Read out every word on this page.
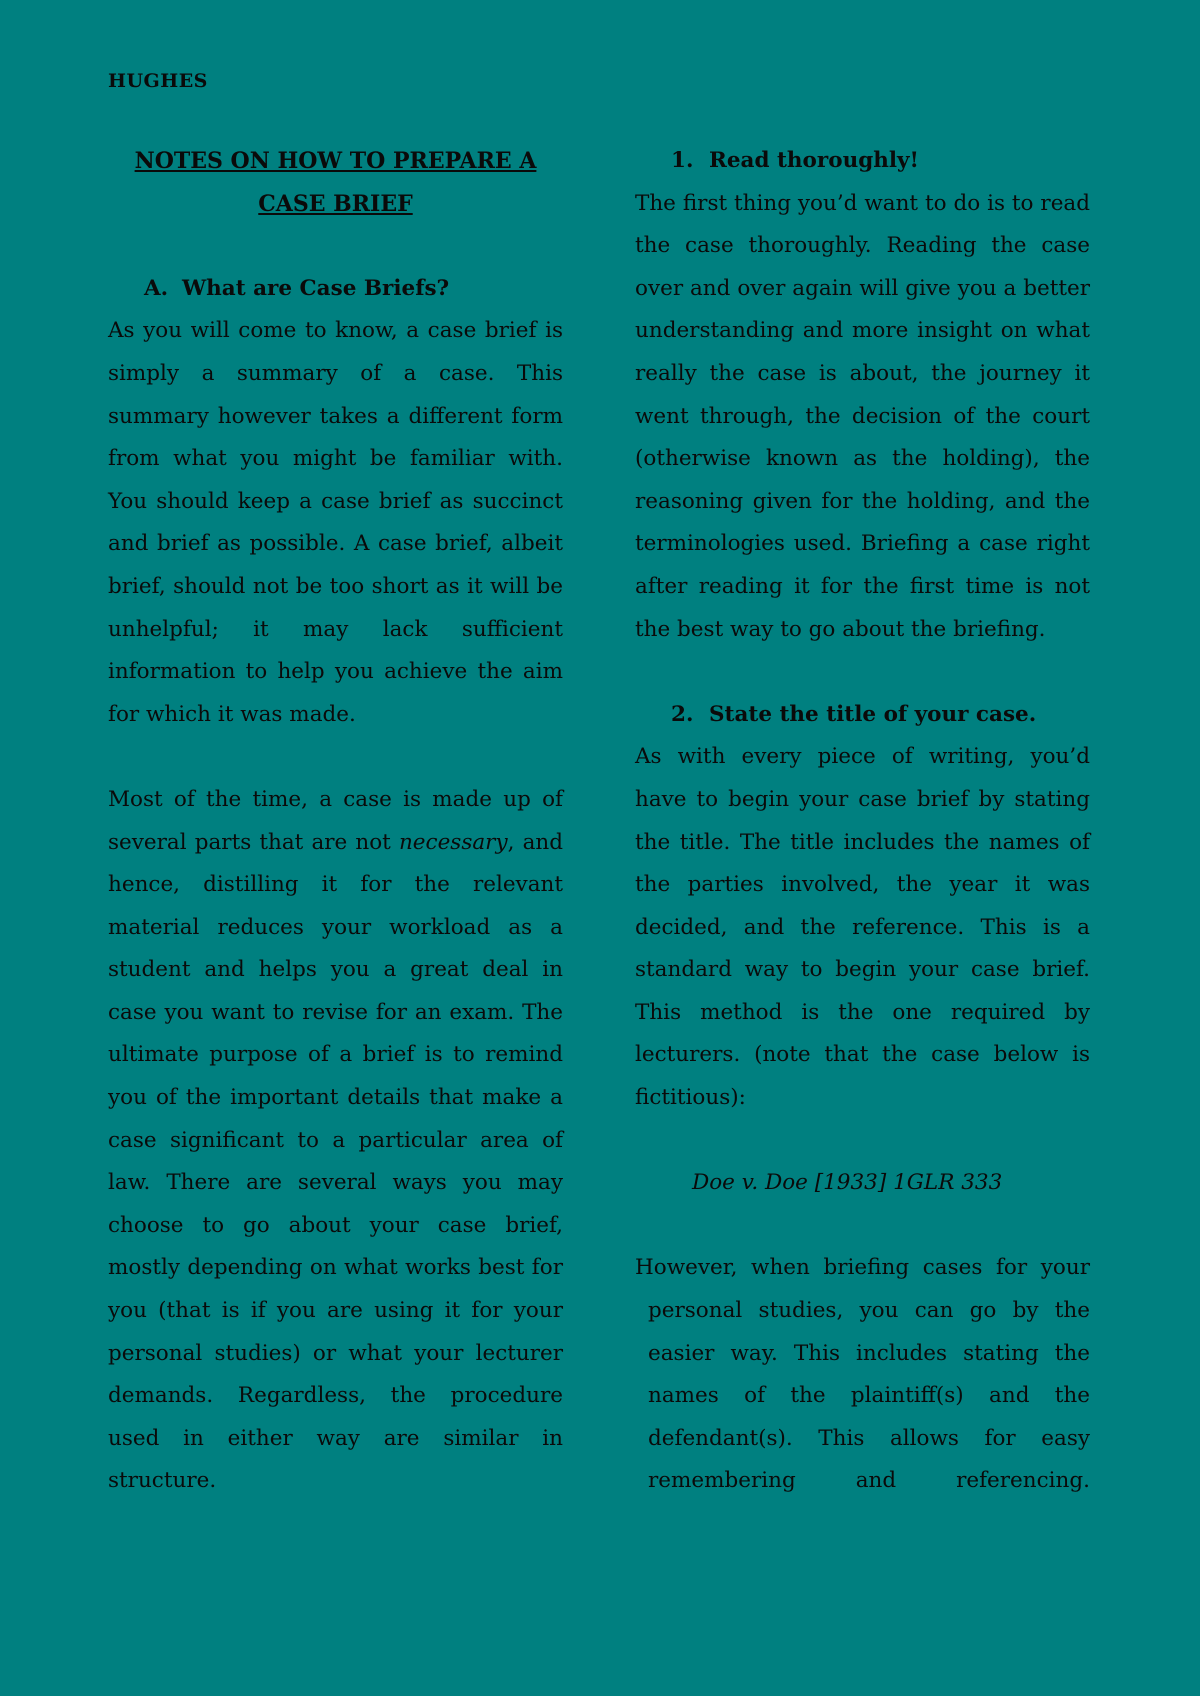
HUGHES
NOTES ON HOW TO PREPARE A CASE BRIEF
A. What are Case Briefs?
As you will come to know, a case brief is simply a summary of a case. This summary however takes a different form from what you might be familiar with. You should keep a case brief as succinct and brief as possible. A case brief, albeit brief, should not be too short as it will be unhelpful; it may lack sufficient information to help you achieve the aim for which it was made.
Most of the time, a case is made up of several parts that are not necessary, and hence, distilling it for the relevant material reduces your workload as a student and helps you a great deal in case you want to revise for an exam. The ultimate purpose of a brief is to remind you of the important details that make a case significant to a particular area of law. There are several ways you may choose to go about your case brief, mostly depending on what works best for you (that is if you are using it for your personal studies) or what your lecturer demands. Regardless, the procedure used in either way are similar in structure.
1. Read thoroughly!
The first thing you’d want to do is to read the case thoroughly. Reading the case over and over again will give you a better understanding and more insight on what really the case is about, the journey it went through, the decision of the court (otherwise known as the holding), the reasoning given for the holding, and the terminologies used. Briefing a case right after reading it for the first time is not the best way to go about the briefing.
2. State the title of your case.
As with every piece of writing, you’d have to begin your case brief by stating the title. The title includes the names of the parties involved, the year it was decided, and the reference. This is a standard way to begin your case brief. This method is the one required by lecturers. (note that the case below is fictitious):
Doe v. Doe [1933] 1GLR 333
However, when briefing cases for your personal studies, you can go by the easier way. This includes stating the names of the plaintiff(s) and the defendant(s). This allows for easy remembering and referencing.
